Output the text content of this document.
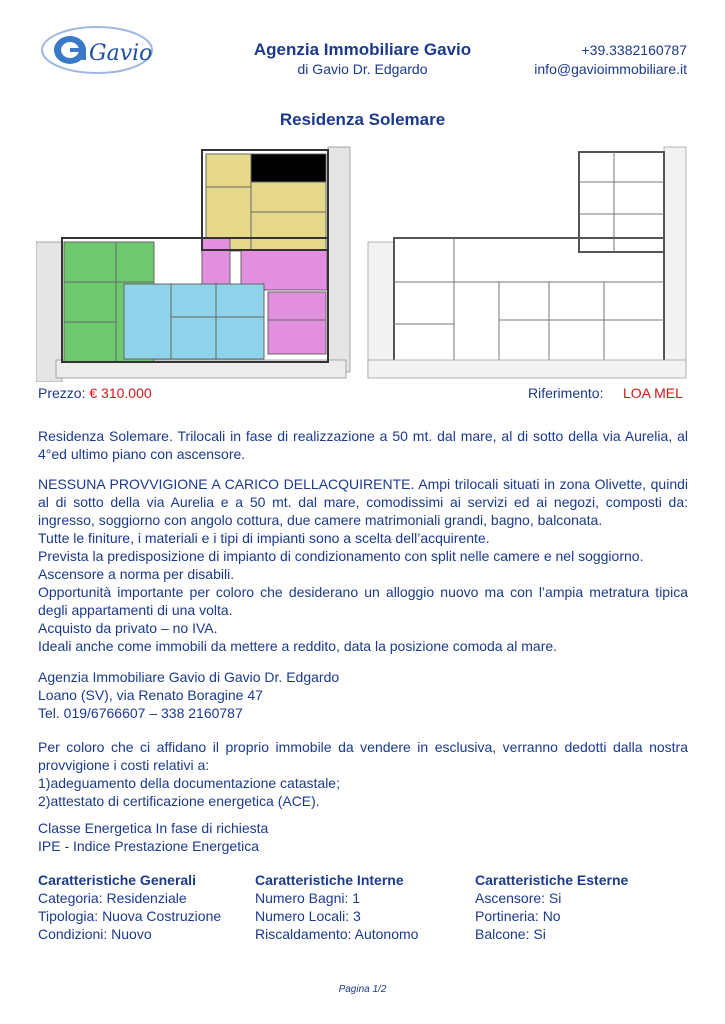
Gavio	Agenzia Immobiliare Gavio
di Gavio Dr. Edgardo
+39.3382160787
info@gavioimmobiliare.it
Residenza Solemare
Prezzo: € 310.000	Riferimento: LOA MEL

Residenza Solemare. Trilocali in fase di realizzazione a 50 mt. dal mare, al di sotto della via Aurelia, al 4°ed ultimo piano con ascensore.

NESSUNA PROVVIGIONE A CARICO DELLACQUIRENTE. Ampi trilocali situati in zona Olivette, quindi al di sotto della via Aurelia e a 50 mt. dal mare, comodissimi ai servizi ed ai negozi, composti da: ingresso, soggiorno con angolo cottura, due camere matrimoniali grandi, bagno, balconata.

Tutte le finiture, i materiali e i tipi di impianti sono a scelta dell’acquirente.

Prevista la predisposizione di impianto di condizionamento con split nelle camere e nel soggiorno.

Ascensore a norma per disabili.

Opportunità importante per coloro che desiderano un alloggio nuovo ma con l’ampia metratura tipica degli appartamenti di una volta.

Acquisto da privato – no IVA.

Ideali anche come immobili da mettere a reddito, data la posizione comoda al mare.

Agenzia Immobiliare Gavio di Gavio Dr. Edgardo

Loano (SV), via Renato Boragine 47

Tel. 019/6766607 – 338 2160787

Per coloro che ci affidano il proprio immobile da vendere in esclusiva, verranno dedotti dalla nostra provvigione i costi relativi a:

1)adeguamento della documentazione catastale;

2)attestato di certificazione energetica (ACE).

Classe Energetica In fase di richiesta

IPE - Indice Prestazione Energetica

Caratteristiche Generali
Categoria: Residenziale
Tipologia: Nuova Costruzione
Condizioni: Nuovo
Caratteristiche Interne
Numero Bagni: 1
Numero Locali: 3
Riscaldamento: Autonomo
Caratteristiche Esterne
Ascensore: Si
Portineria: No
Balcone: Si
Pagina 1/2
